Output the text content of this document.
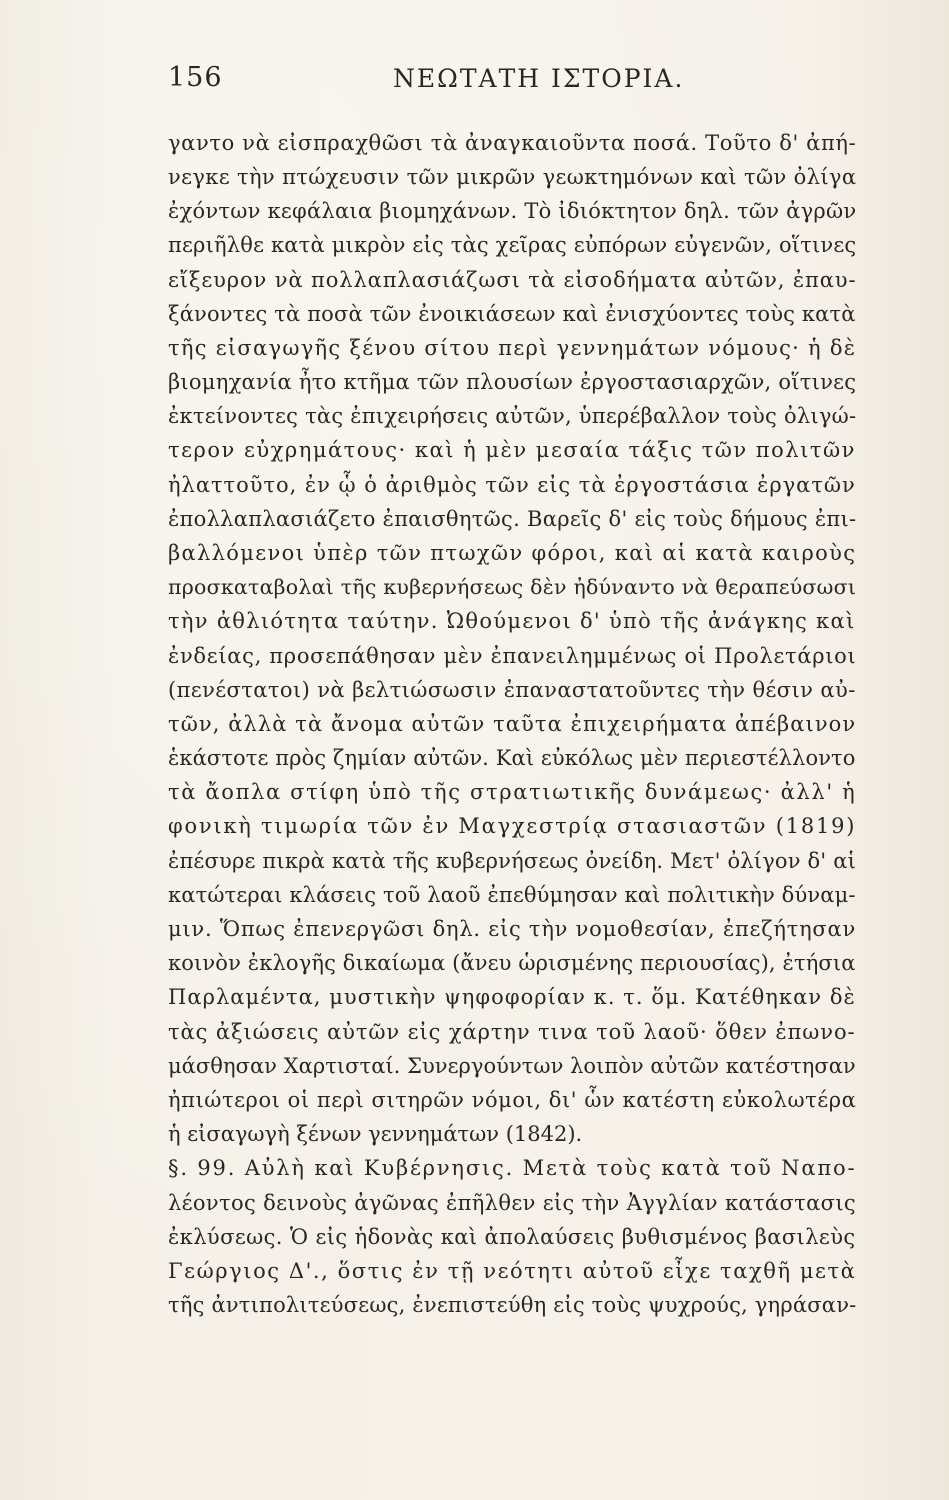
156	ΝΕΩΤΑΤΗ ΙΣΤΟΡΙΑ.
γαντο νὰ εἰσπραχθῶσι τὰ ἀναγκαιοῦντα ποσά. Τοῦτο δ' ἀπή-
νεγκε τὴν πτώχευσιν τῶν μικρῶν γεωκτημόνων καὶ τῶν ὀλίγα
ἐχόντων κεφάλαια βιομηχάνων. Τὸ ἰδιόκτητον δηλ. τῶν ἀγρῶν
περιῆλθε κατὰ μικρὸν εἰς τὰς χεῖρας εὐπόρων εὐγενῶν, οἵτινες
εἴξευρον νὰ πολλαπλασιάζωσι τὰ εἰσοδήματα αὐτῶν, ἐπαυ-
ξάνοντες τὰ ποσὰ τῶν ἐνοικιάσεων καὶ ἐνισχύοντες τοὺς κατὰ
τῆς εἰσαγωγῆς ξένου σίτου περὶ γεννημάτων νόμους· ἡ δὲ
βιομηχανία ἦτο κτῆμα τῶν πλουσίων ἐργοστασιαρχῶν, οἵτινες
ἐκτείνοντες τὰς ἐπιχειρήσεις αὐτῶν, ὑπερέβαλλον τοὺς ὀλιγώ-
τερον εὐχρημάτους· καὶ ἡ μὲν μεσαία τάξις τῶν πολιτῶν
ἠλαττοῦτο, ἐν ᾧ ὁ ἀριθμὸς τῶν εἰς τὰ ἐργοστάσια ἐργατῶν
ἐπολλαπλασιάζετο ἐπαισθητῶς. Βαρεῖς δ' εἰς τοὺς δήμους ἐπι-
βαλλόμενοι ὑπὲρ τῶν πτωχῶν φόροι, καὶ αἱ κατὰ καιροὺς
προσκαταβολαὶ τῆς κυβερνήσεως δὲν ἠδύναντο νὰ θεραπεύσωσι
τὴν ἀθλιότητα ταύτην. Ὠθούμενοι δ' ὑπὸ τῆς ἀνάγκης καὶ
ἐνδείας, προσεπάθησαν μὲν ἐπανειλημμένως οἱ Προλετάριοι
(πενέστατοι) νὰ βελτιώσωσιν ἐπαναστατοῦντες τὴν θέσιν αὐ-
τῶν, ἀλλὰ τὰ ἄνομα αὐτῶν ταῦτα ἐπιχειρήματα ἀπέβαινον
ἑκάστοτε πρὸς ζημίαν αὐτῶν. Καὶ εὐκόλως μὲν περιεστέλλοντο
τὰ ἄοπλα στίφη ὑπὸ τῆς στρατιωτικῆς δυνάμεως· ἀλλ' ἡ
φονικὴ τιμωρία τῶν ἐν Μαγχεστρίᾳ στασιαστῶν (1819)
ἐπέσυρε πικρὰ κατὰ τῆς κυβερνήσεως ὀνείδη. Μετ' ὀλίγον δ' αἱ
κατώτεραι κλάσεις τοῦ λαοῦ ἐπεθύμησαν καὶ πολιτικὴν δύναμ-
μιν. Ὅπως ἐπενεργῶσι δηλ. εἰς τὴν νομοθεσίαν, ἐπεζήτησαν
κοινὸν ἐκλογῆς δικαίωμα (ἄνευ ὡρισμένης περιουσίας), ἐτήσια
Παρλαμέντα, μυστικὴν ψηφοφορίαν κ. τ. ὅμ. Κατέθηκαν δὲ
τὰς ἀξιώσεις αὐτῶν εἰς χάρτην τινα τοῦ λαοῦ· ὅθεν ἐπωνο-
μάσθησαν Χαρτισταί. Συνεργούντων λοιπὸν αὐτῶν κατέστησαν
ἠπιώτεροι οἱ περὶ σιτηρῶν νόμοι, δι' ὧν κατέστη εὐκολωτέρα
ἡ εἰσαγωγὴ ξένων γεννημάτων (1842).
§. 99. Αὐλὴ καὶ Κυβέρνησις. Μετὰ τοὺς κατὰ τοῦ Ναπο-
λέοντος δεινοὺς ἀγῶνας ἐπῆλθεν εἰς τὴν Ἀγγλίαν κατάστασις
ἐκλύσεως. Ὁ εἰς ἡδονὰς καὶ ἀπολαύσεις βυθισμένος βασιλεὺς
Γεώργιος Δ'., ὅστις ἐν τῇ νεότητι αὐτοῦ εἶχε ταχθῆ μετὰ
τῆς ἀντιπολιτεύσεως, ἐνεπιστεύθη εἰς τοὺς ψυχρούς, γηράσαν-
